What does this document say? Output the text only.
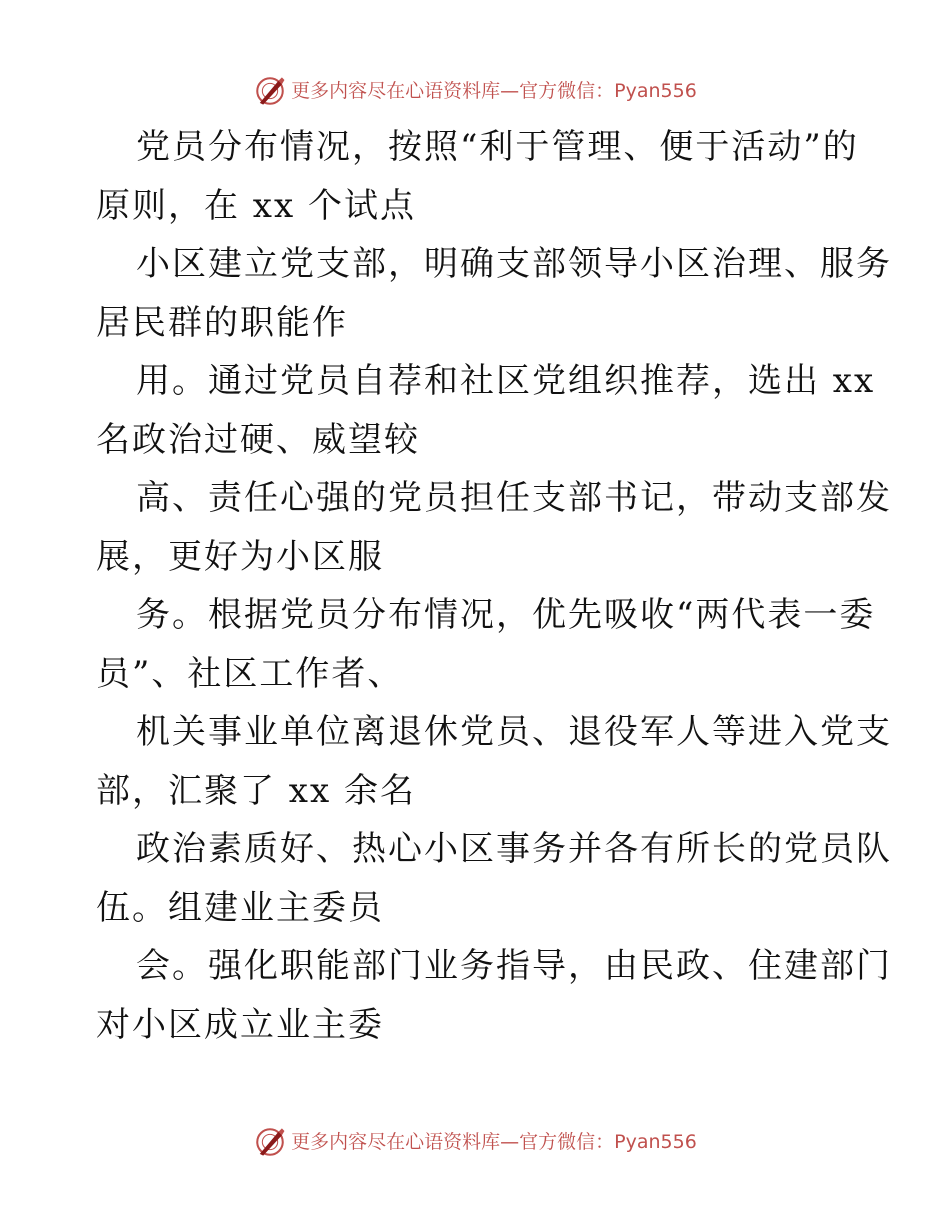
更多内容尽在心语资料库—官方微信：Pyan556
党员分布情况，按照“利于管理、便于活动”的
原则，在 xx 个试点
小区建立党支部，明确支部领导小区治理、服务
居民群的职能作
用。通过党员自荐和社区党组织推荐，选出 xx
名政治过硬、威望较
高、责任心强的党员担任支部书记，带动支部发
展，更好为小区服
务。根据党员分布情况，优先吸收“两代表一委
员”、社区工作者、
机关事业单位离退休党员、退役军人等进入党支
部，汇聚了 xx 余名
政治素质好、热心小区事务并各有所长的党员队
伍。组建业主委员
会。强化职能部门业务指导，由民政、住建部门
对小区成立业主委
更多内容尽在心语资料库—官方微信：Pyan556
